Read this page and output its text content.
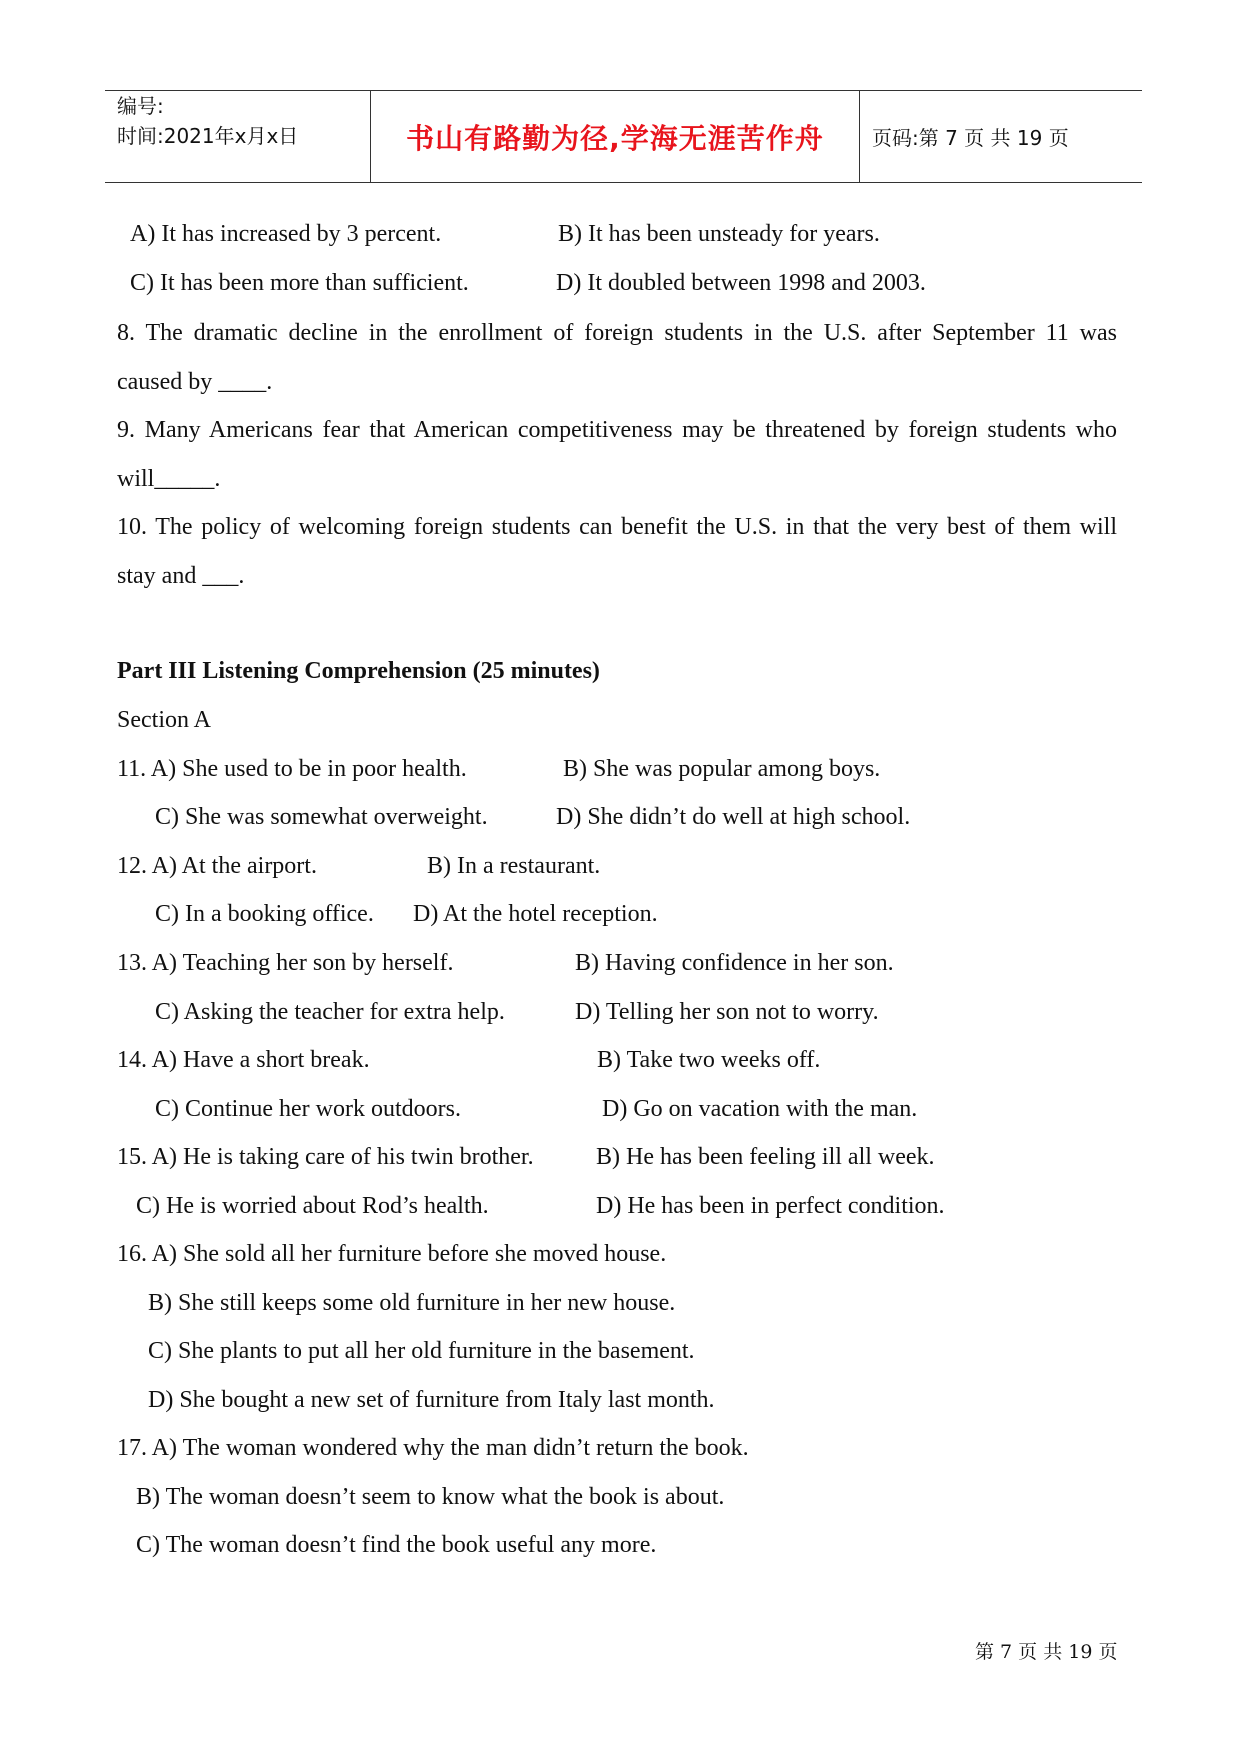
编号:
时间:2021年x月x日	书山有路勤为径,学海无涯苦作舟 页码:第 7 页 共 19 页
A) It has increased by 3 percent.	B) It has been unsteady for years.
C) It has been more than sufficient.	D) It doubled between 1998 and 2003.
8. The dramatic decline in the enrollment of foreign students in the U.S. after September 11 was
caused by ____.
9. Many Americans fear that American competitiveness may be threatened by foreign students who
will_____.
10. The policy of welcoming foreign students can benefit the U.S. in that the very best of them will
stay and ___.
Part III Listening Comprehension (25 minutes)
Section A
11. A) She used to be in poor health.	B) She was popular among boys.
C) She was somewhat overweight.	D) She didn’t do well at high school.
12. A) At the airport.	B) In a restaurant.
C) In a booking office. D) At the hotel reception.
13. A) Teaching her son by herself.	B) Having confidence in her son.
C) Asking the teacher for extra help.	D) Telling her son not to worry.
14. A) Have a short break.	B) Take two weeks off.
C) Continue her work outdoors.	D) Go on vacation with the man.
15. A) He is taking care of his twin brother.	B) He has been feeling ill all week.
C) He is worried about Rod’s health.	D) He has been in perfect condition.
16. A) She sold all her furniture before she moved house.
B) She still keeps some old furniture in her new house.
C) She plants to put all her old furniture in the basement.
D) She bought a new set of furniture from Italy last month.
17. A) The woman wondered why the man didn’t return the book.
B) The woman doesn’t seem to know what the book is about.
C) The woman doesn’t find the book useful any more.
第 7 页 共 19 页
